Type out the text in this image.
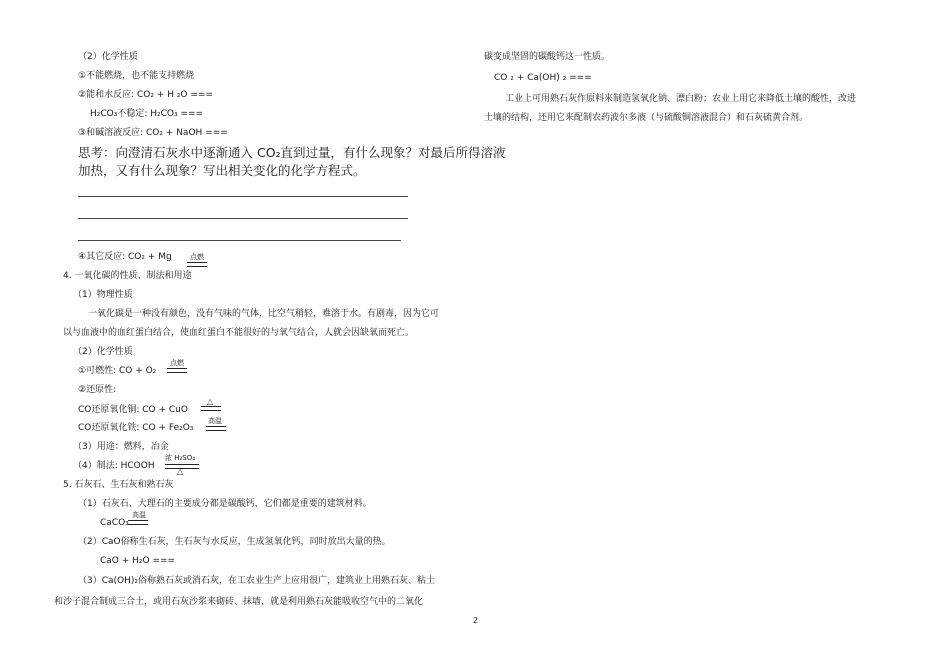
（2）化学性质
①不能燃烧，也不能支持燃烧
②能和水反应: CO₂ + H ₂O ===
H₂CO₃不稳定: H₂CO₃ ===
③和碱溶液反应: CO₂ + NaOH ===
思考：向澄清石灰水中逐渐通入 CO₂直到过量，有什么现象？对最后所得溶液
加热，又有什么现象？写出相关变化的化学方程式。
④其它反应: CO₂ + Mg	点燃
4. 一氧化碳的性质、制法和用途
（1）物理性质
一氧化碳是一种没有颜色，没有气味的气体，比空气稍轻，难溶于水。有剧毒，因为它可
以与血液中的血红蛋白结合，使血红蛋白不能很好的与氧气结合，人就会因缺氧而死亡。
（2）化学性质
①可燃性: CO + O₂
点燃
②还原性:
CO还原氧化铜: CO + CuO
△
CO还原氧化铁: CO + Fe₂O₃
高温
（3）用途：燃料，冶金
（4）制法: HCOOH
浓 H₂SO₄
△
5. 石灰石、生石灰和熟石灰
（1）石灰石、大理石的主要成分都是碳酸钙，它们都是重要的建筑材料。
CaCO₃
高温
（2）CaO俗称生石灰，生石灰与水反应，生成氢氧化钙，同时放出大量的热。
CaO + H₂O ===
（3）Ca(OH)₂俗称熟石灰或消石灰，在工农业生产上应用很广，建筑业上用熟石灰、粘土
和沙子混合制成三合土，或用石灰沙浆来砌砖、抹墙，就是利用熟石灰能吸收空气中的二氧化
碳变成坚固的碳酸钙这一性质。
CO ₂ + Ca(OH) ₂ ===
工业上可用熟石灰作原料来制造氢氧化钠、漂白粉；农业上用它来降低土壤的酸性，改进
土壤的结构，还用它来配制农药波尔多液（与硫酸铜溶液混合）和石灰硫黄合剂。
2
